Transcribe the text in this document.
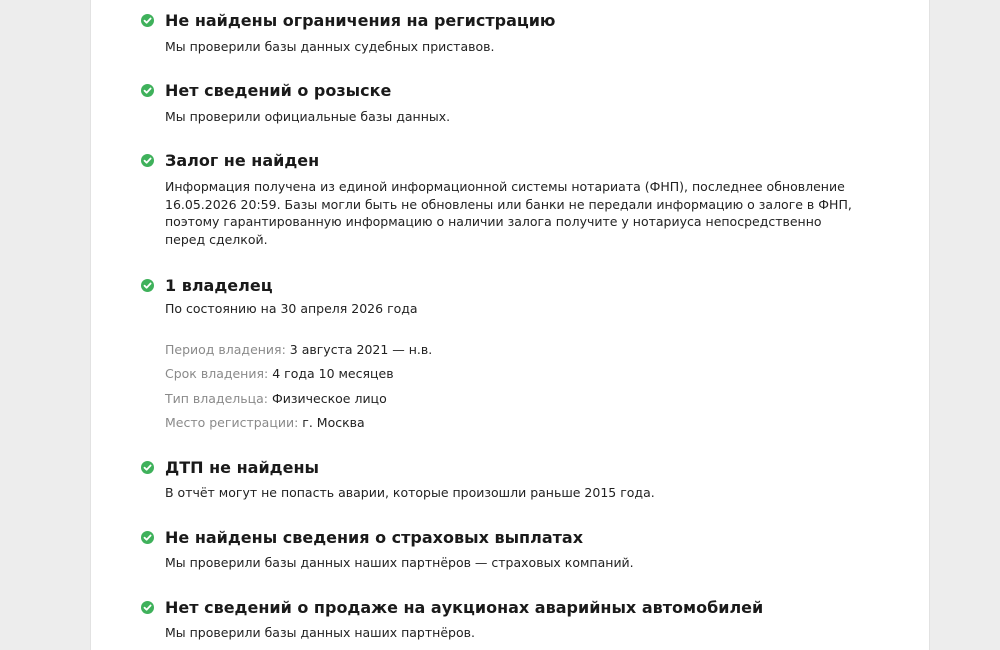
Не найдены ограничения на регистрацию
Мы проверили базы данных судебных приставов.
Нет сведений о розыске
Мы проверили официальные базы данных.
Залог не найден
Информация получена из единой информационной системы нотариата (ФНП), последнее обновление 16.05.2026 20:59. Базы могли быть не обновлены или банки не передали информацию о залоге в ФНП, поэтому гарантированную информацию о наличии залога получите у нотариуса непосредственно перед сделкой.
1 владелец
По состоянию на 30 апреля 2026 года
Период владения: 3 августа 2021 — н.в.
Срок владения: 4 года 10 месяцев
Тип владельца: Физическое лицо
Место регистрации: г. Москва
ДТП не найдены
В отчёт могут не попасть аварии, которые произошли раньше 2015 года.
Не найдены сведения о страховых выплатах
Мы проверили базы данных наших партнёров — страховых компаний.
Нет сведений о продаже на аукционах аварийных автомобилей
Мы проверили базы данных наших партнёров.
